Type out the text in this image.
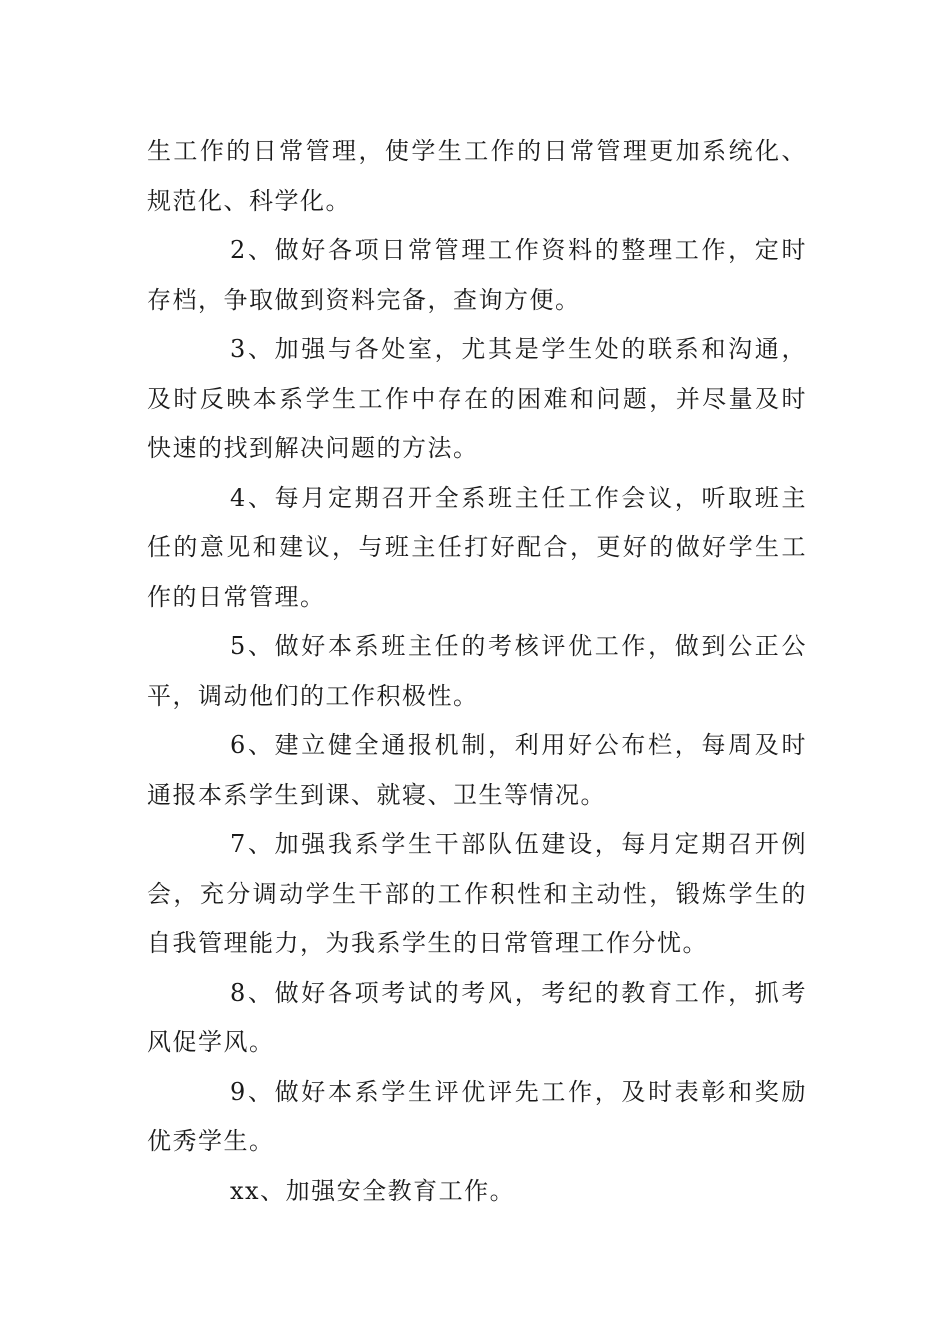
生工作的日常管理，使学生工作的日常管理更加系统化、规范化、科学化。

2、做好各项日常管理工作资料的整理工作，定时存档，争取做到资料完备，查询方便。

3、加强与各处室，尤其是学生处的联系和沟通，及时反映本系学生工作中存在的困难和问题，并尽量及时快速的找到解决问题的方法。

4、每月定期召开全系班主任工作会议，听取班主任的意见和建议，与班主任打好配合，更好的做好学生工作的日常管理。

5、做好本系班主任的考核评优工作，做到公正公平，调动他们的工作积极性。

6、建立健全通报机制，利用好公布栏，每周及时通报本系学生到课、就寝、卫生等情况。

7、加强我系学生干部队伍建设，每月定期召开例会，充分调动学生干部的工作积性和主动性，锻炼学生的自我管理能力，为我系学生的日常管理工作分忧。

8、做好各项考试的考风，考纪的教育工作，抓考风促学风。

9、做好本系学生评优评先工作，及时表彰和奖励优秀学生。

xx、加强安全教育工作。
